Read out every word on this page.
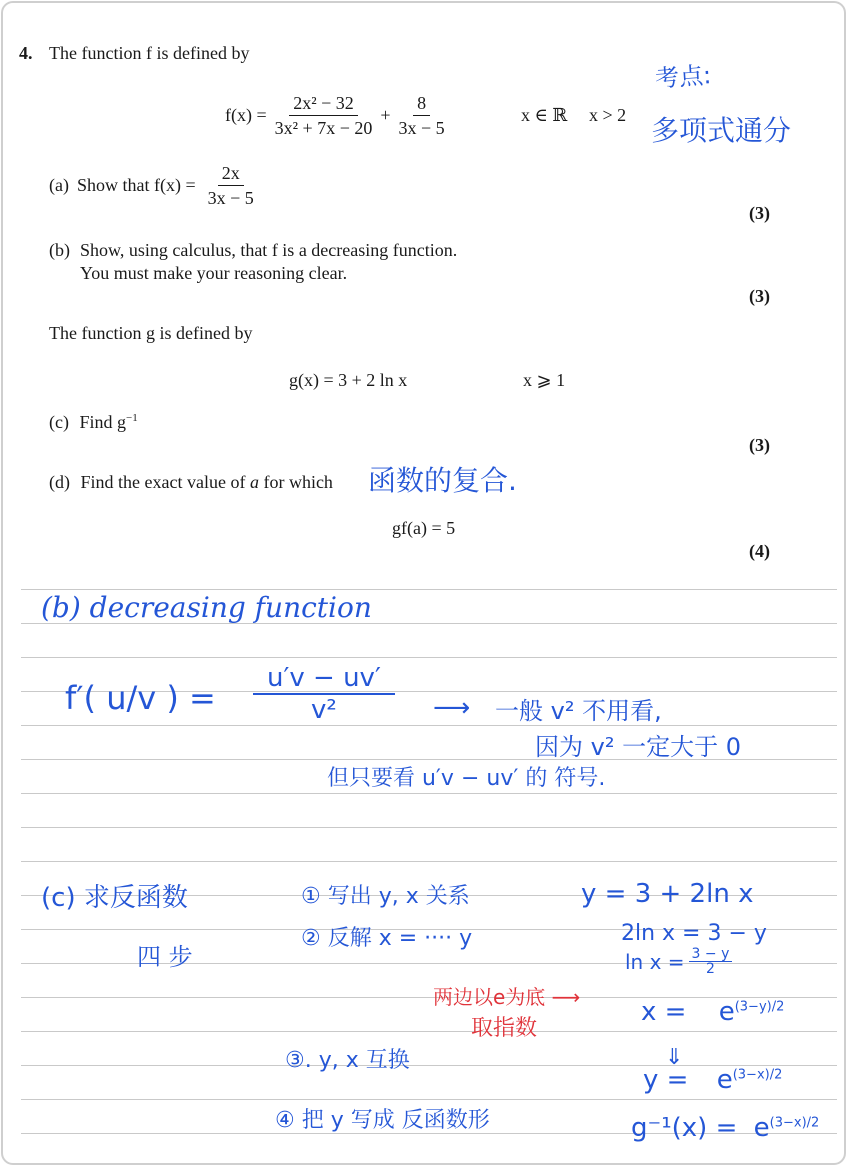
4. The function f is defined by
$f(x) = \frac{\text{2x² − 32}}{\text{3x² + 7x − 20}} + \frac{8}{3x - 5}$	x ∈ ℝ x > 2
(a) Show that $f(x) = \frac{2x}{3x - 5}$
(3)
(b) Show, using calculus, that f is a decreasing function.
You must make your reasoning clear.
(3)
The function g is defined by
g(x) = 3 + 2 ln x	x ⩾ 1
(c) Find $g^{-1}$
(3)
(d) Find the exact value of a for which
gf(a) = 5
(4)
考点:
多项式通分
函数的复合.
(b) decreasing function
f′( u/v ) = $\frac{u'v - uv'}{\text{v²}}$ ⟶ 一般 v² 不用看,
因为 v² 一定大于 0
但只要看 u′v − uv′ 的 符号.
(c) 求反函数
四 步
① 写出 y, x 关系
② 反解 x = ···· y
两边以e为底 ⟶
取指数
③. y, x 互换
④ 把 y 写成 反函数形
y = 3 + 2ln x
2ln x = 3 − y
$\ln x = \frac{3 - y}{2}$
$x = e^{(3-y)/2}$
⇓
$y = e^{(3-x)/2}$
$g^{-1}(x) = e^{(3-x)/2}$
